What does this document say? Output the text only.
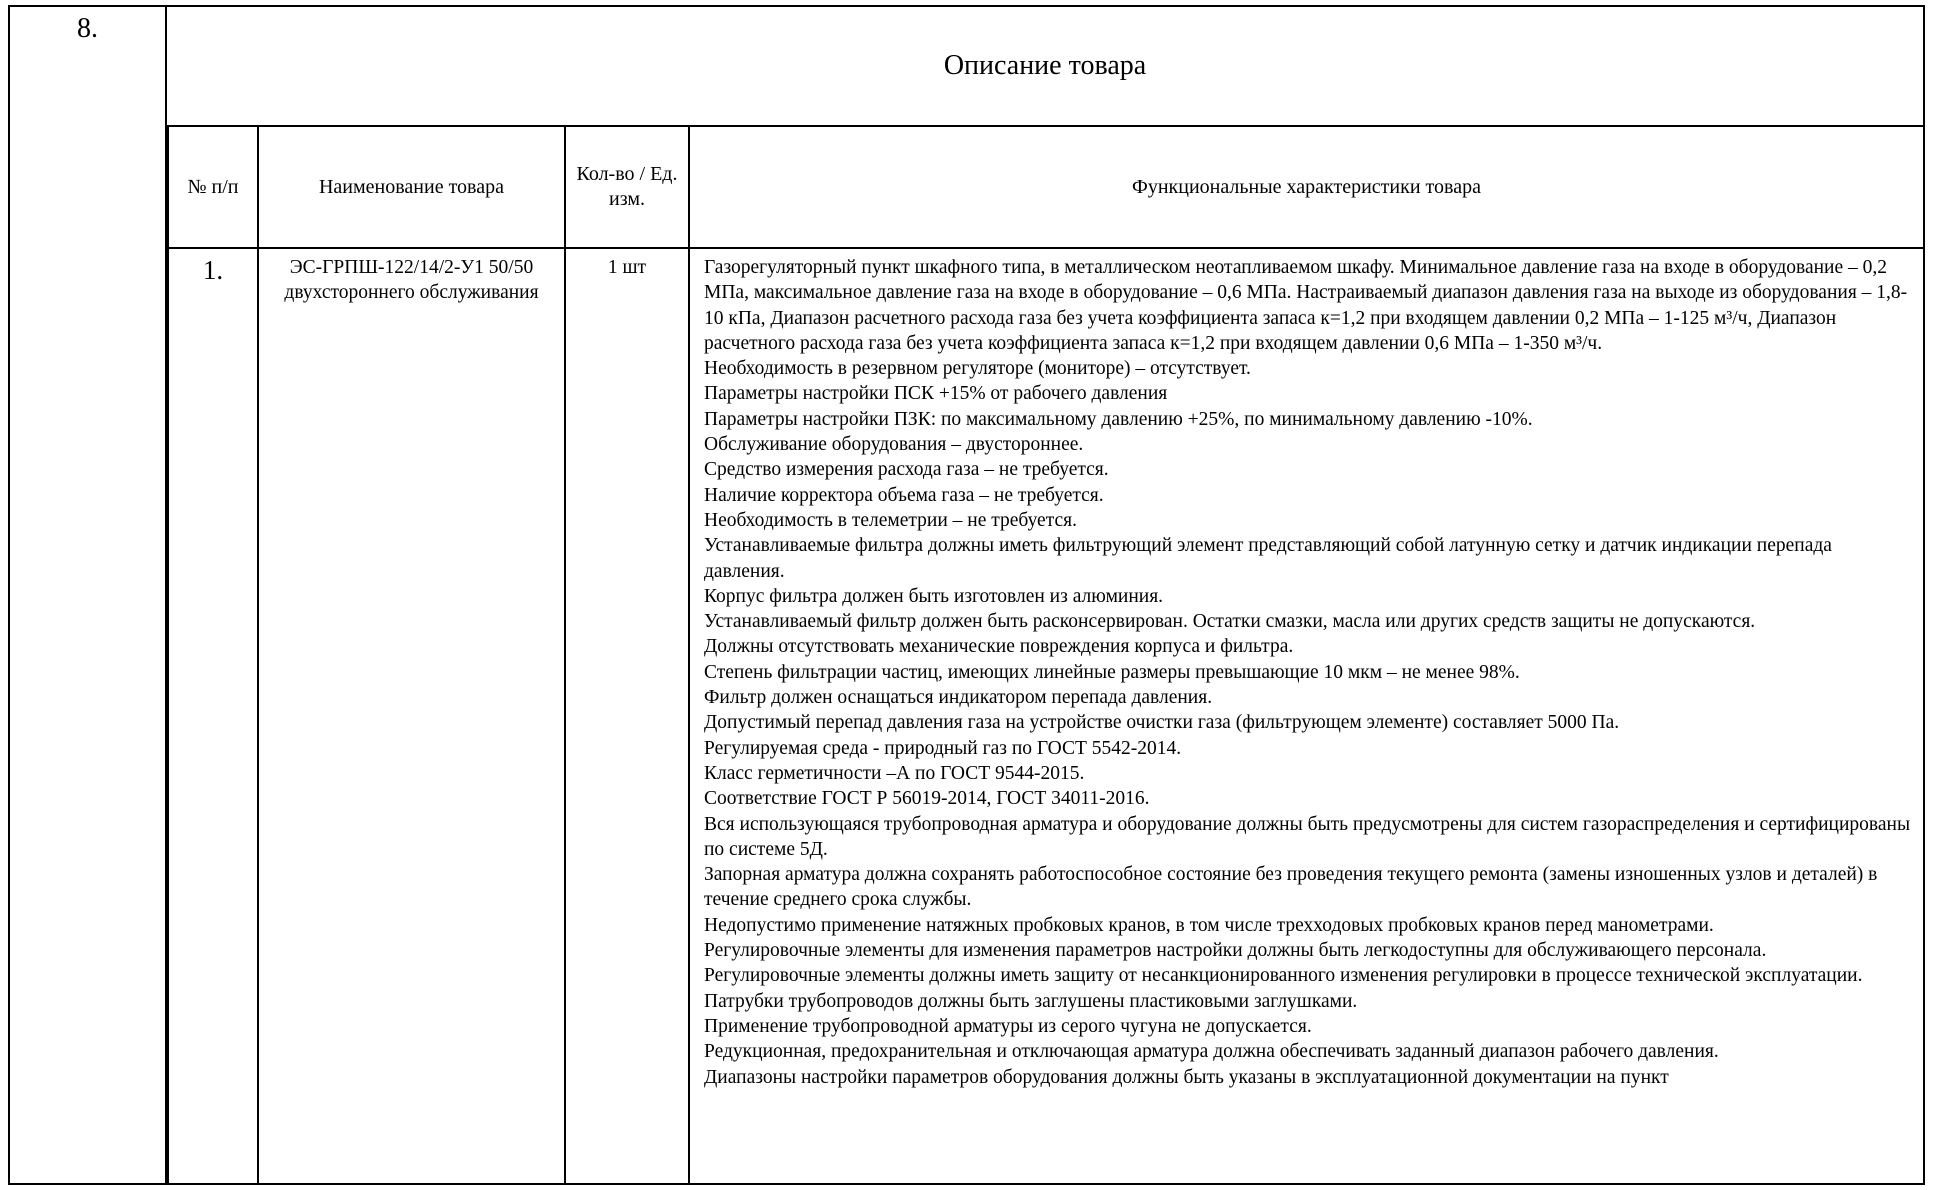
8.
Описание товара
№ п/п
1.
Наименование товара
ЭС-ГРПШ-122/14/2-У1 50/50 двухстороннего обслуживания
Кол-во / Ед. изм.
1 шт
Функциональные характеристики товара
Газорегуляторный пункт шкафного типа, в металлическом неотапливаемом шкафу. Минимальное давление газа на входе в оборудование – 0,2 МПа, максимальное давление газа на входе в оборудование – 0,6 МПа. Настраиваемый диапазон давления газа на выходе из оборудования – 1,8-10 кПа, Диапазон расчетного расхода газа без учета коэффициента запаса к=1,2 при входящем давлении 0,2 МПа – 1-125 м³/ч, Диапазон расчетного расхода газа без учета коэффициента запаса к=1,2 при входящем давлении 0,6 МПа – 1-350 м³/ч.
Необходимость в резервном регуляторе (мониторе) – отсутствует.
Параметры настройки ПСК +15% от рабочего давления
Параметры настройки ПЗК: по максимальному давлению +25%, по минимальному давлению -10%.
Обслуживание оборудования – двустороннее.
Средство измерения расхода газа – не требуется.
Наличие корректора объема газа – не требуется.
Необходимость в телеметрии – не требуется.
Устанавливаемые фильтра должны иметь фильтрующий элемент представляющий собой латунную сетку и датчик индикации перепада давления.
Корпус фильтра должен быть изготовлен из алюминия.
Устанавливаемый фильтр должен быть расконсервирован. Остатки смазки, масла или других средств защиты не допускаются.
Должны отсутствовать механические повреждения корпуса и фильтра.
Степень фильтрации частиц, имеющих линейные размеры превышающие 10 мкм – не менее 98%.
Фильтр должен оснащаться индикатором перепада давления.
Допустимый перепад давления газа на устройстве очистки газа (фильтрующем элементе) составляет 5000 Па.
Регулируемая среда - природный газ по ГОСТ 5542-2014.
Класс герметичности –А по ГОСТ 9544-2015.
Соответствие ГОСТ Р 56019-2014, ГОСТ 34011-2016.
Вся использующаяся трубопроводная арматура и оборудование должны быть предусмотрены для систем газораспределения и сертифицированы по системе 5Д.
Запорная арматура должна сохранять работоспособное состояние без проведения текущего ремонта (замены изношенных узлов и деталей) в течение среднего срока службы.
Недопустимо применение натяжных пробковых кранов, в том числе трехходовых пробковых кранов перед манометрами.
Регулировочные элементы для изменения параметров настройки должны быть легкодоступны для обслуживающего персонала.
Регулировочные элементы должны иметь защиту от несанкционированного изменения регулировки в процессе технической эксплуатации.
Патрубки трубопроводов должны быть заглушены пластиковыми заглушками.
Применение трубопроводной арматуры из серого чугуна не допускается.
Редукционная, предохранительная и отключающая арматура должна обеспечивать заданный диапазон рабочего давления.
Диапазоны настройки параметров оборудования должны быть указаны в эксплуатационной документации на пункт
